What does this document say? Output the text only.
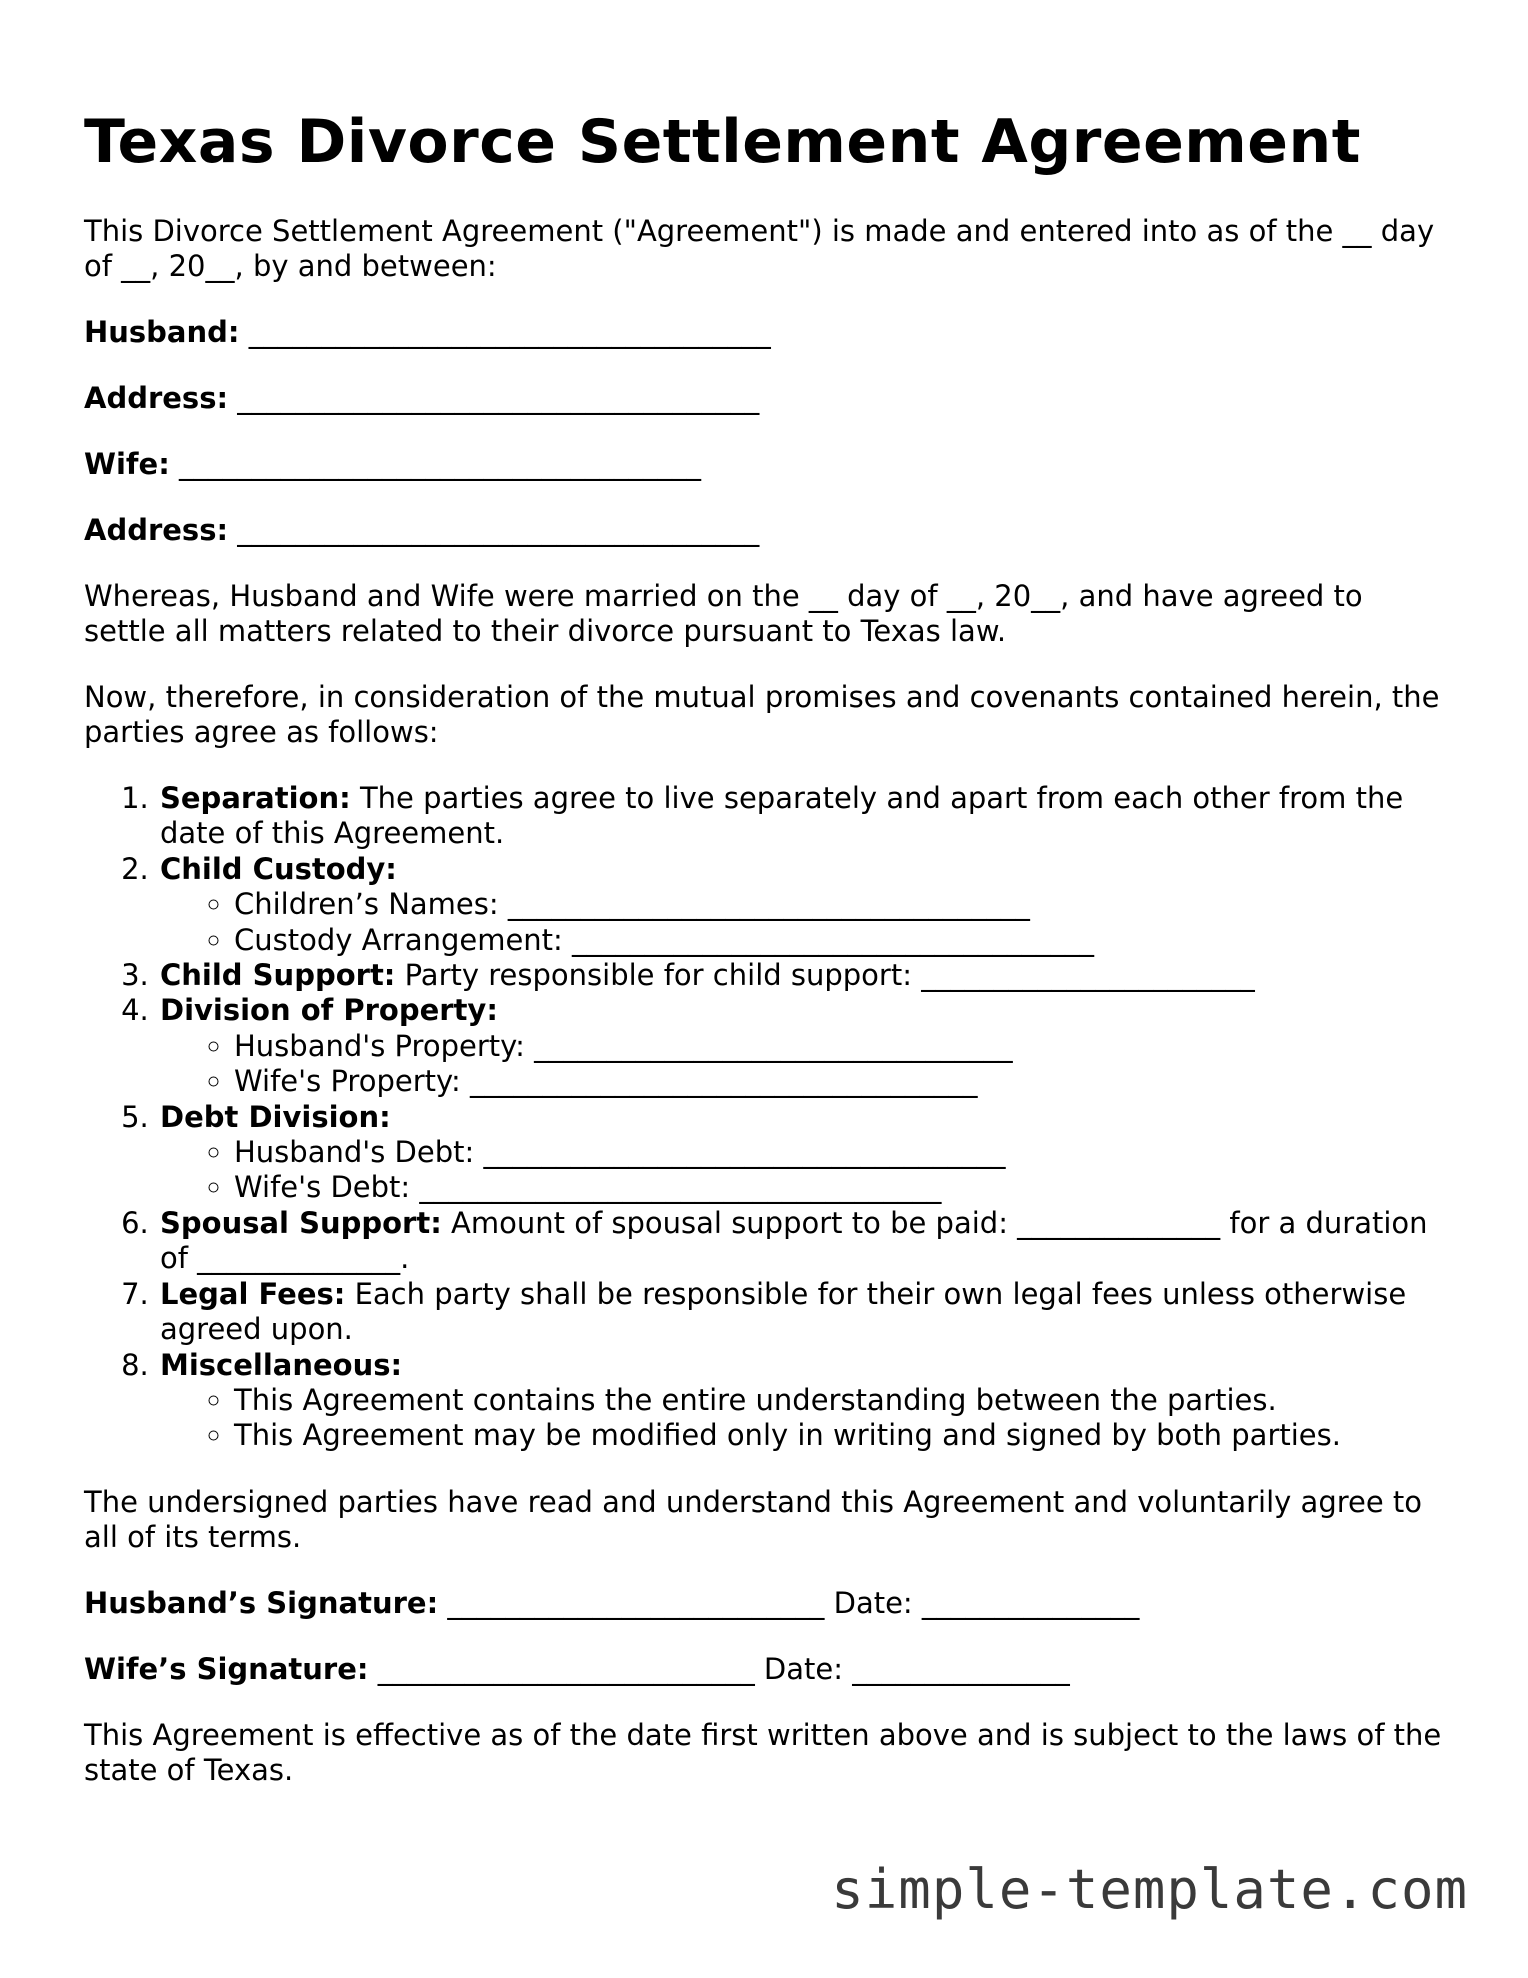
Texas Divorce Settlement Agreement

This Divorce Settlement Agreement ("Agreement") is made and entered into as of the __ day of __, 20__, by and between:

Husband: ____________________________________

Address: ____________________________________

Wife: ____________________________________

Address: ____________________________________

Whereas, Husband and Wife were married on the __ day of __, 20__, and have agreed to settle all matters related to their divorce pursuant to Texas law.

Now, therefore, in consideration of the mutual promises and covenants contained herein, the parties agree as follows:

1. Separation: The parties agree to live separately and apart from each other from the date of this Agreement.
2. Child Custody:
◦ Children’s Names: ____________________________________
◦ Custody Arrangement: ____________________________________
3. Child Support: Party responsible for child support: _______________________
4. Division of Property:
◦ Husband's Property: _________________________________
◦ Wife's Property: ___________________________________
5. Debt Division:
◦ Husband's Debt: ____________________________________
◦ Wife's Debt: ____________________________________
6. Spousal Support: Amount of spousal support to be paid: ______________ for a duration of ______________.
7. Legal Fees: Each party shall be responsible for their own legal fees unless otherwise agreed upon.
8. Miscellaneous:
◦ This Agreement contains the entire understanding between the parties.
◦ This Agreement may be modified only in writing and signed by both parties.

The undersigned parties have read and understand this Agreement and voluntarily agree to all of its terms.

Husband’s Signature: __________________________ Date: _______________

Wife’s Signature: __________________________ Date: _______________

This Agreement is effective as of the date first written above and is subject to the laws of the state of Texas.

simple-template.com
